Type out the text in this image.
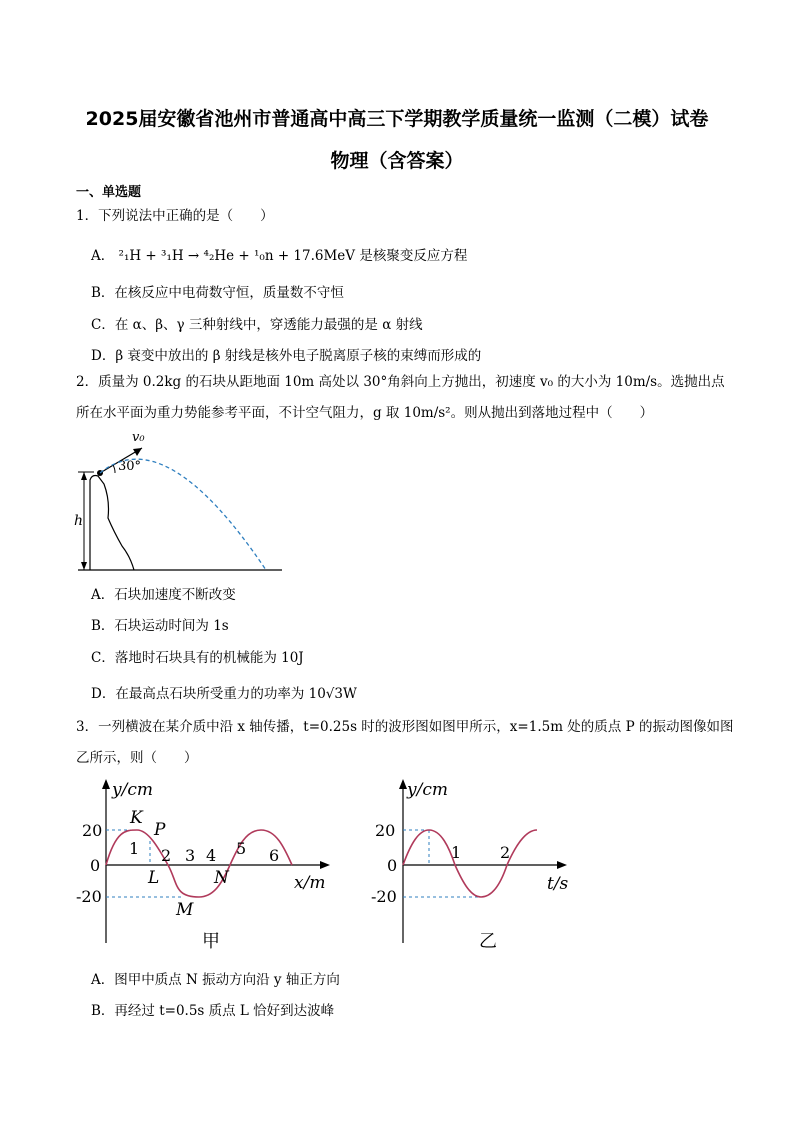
2025届安徽省池州市普通高中高三下学期教学质量统一监测（二模）试卷
物理（含答案）
一、单选题
1．下列说法中正确的是（　　）
A． ²₁H + ³₁H → ⁴₂He + ¹₀n + 17.6MeV 是核聚变反应方程
B．在核反应中电荷数守恒，质量数不守恒
C．在 α、β、γ 三种射线中，穿透能力最强的是 α 射线
D．β 衰变中放出的 β 射线是核外电子脱离原子核的束缚而形成的
2．质量为 0.2kg 的石块从距地面 10m 高处以 30°角斜向上方抛出，初速度 v₀ 的大小为 10m/s。选抛出点所在水平面为重力势能参考平面，不计空气阻力，g 取 10m/s²。则从抛出到落地过程中（　　）
h
v₀
30°
A．石块加速度不断改变
B．石块运动时间为 1s
C．落地时石块具有的机械能为 10J
D．在最高点石块所受重力的功率为 10√3W
3．一列横波在某介质中沿 x 轴传播，t=0.25s 时的波形图如图甲所示，x=1.5m 处的质点 P 的振动图像如图乙所示，则（　　）
y/cm
x/m
20
0
-20
1 2 3 4 5 6
K
P
L	N
M
甲
y/cm
t/s
20
0
-20
1 2
乙
A．图甲中质点 N 振动方向沿 y 轴正方向
B．再经过 t=0.5s 质点 L 恰好到达波峰
